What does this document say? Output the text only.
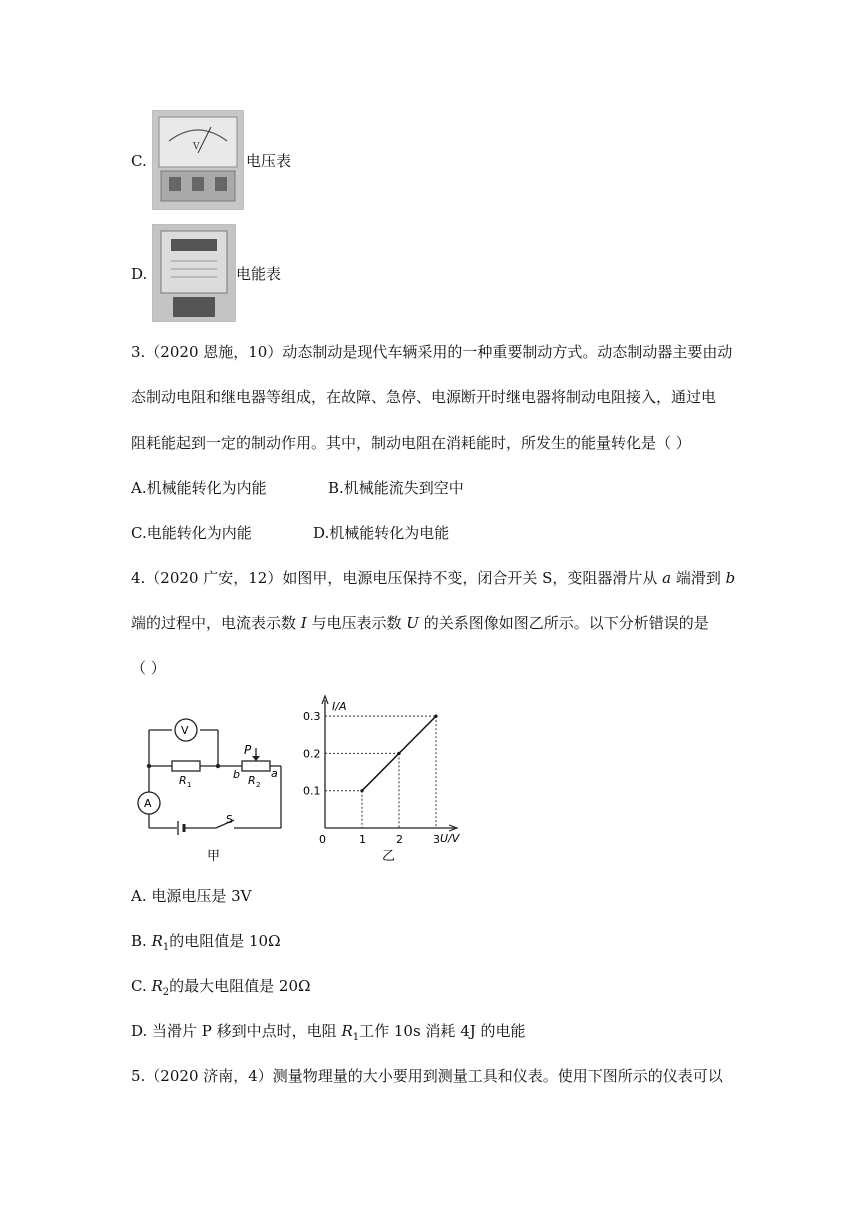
C.
V
电压表
D.	电能表
3.（2020 恩施，10）动态制动是现代车辆采用的一种重要制动方式。动态制动器主要由动
态制动电阻和继电器等组成，在故障、急停、电源断开时继电器将制动电阻接入，通过电
阻耗能起到一定的制动作用。其中，制动电阻在消耗能时，所发生的能量转化是（ ）
A.机械能转化为内能	B.机械能流失到空中
C.电能转化为内能	D.机械能转化为电能
4.（2020 广安，12）如图甲，电源电压保持不变，闭合开关 S，变阻器滑片从 a 端滑到 b
端的过程中，电流表示数 I 与电压表示数 U 的关系图像如图乙所示。以下分析错误的是
（ ）
V
A
R 1	R 2
P
b	a
S
甲
I/A
U/V
乙
0.1
0.2
0.3
0	1	2	3
A. 电源电压是 3V
B. $R_1$的电阻值是 10Ω
C. $R_2$的最大电阻值是 20Ω
D. 当滑片 P 移到中点时，电阻 $R_1$工作 10s 消耗 4J 的电能
5.（2020 济南，4）测量物理量的大小要用到测量工具和仪表。使用下图所示的仪表可以
